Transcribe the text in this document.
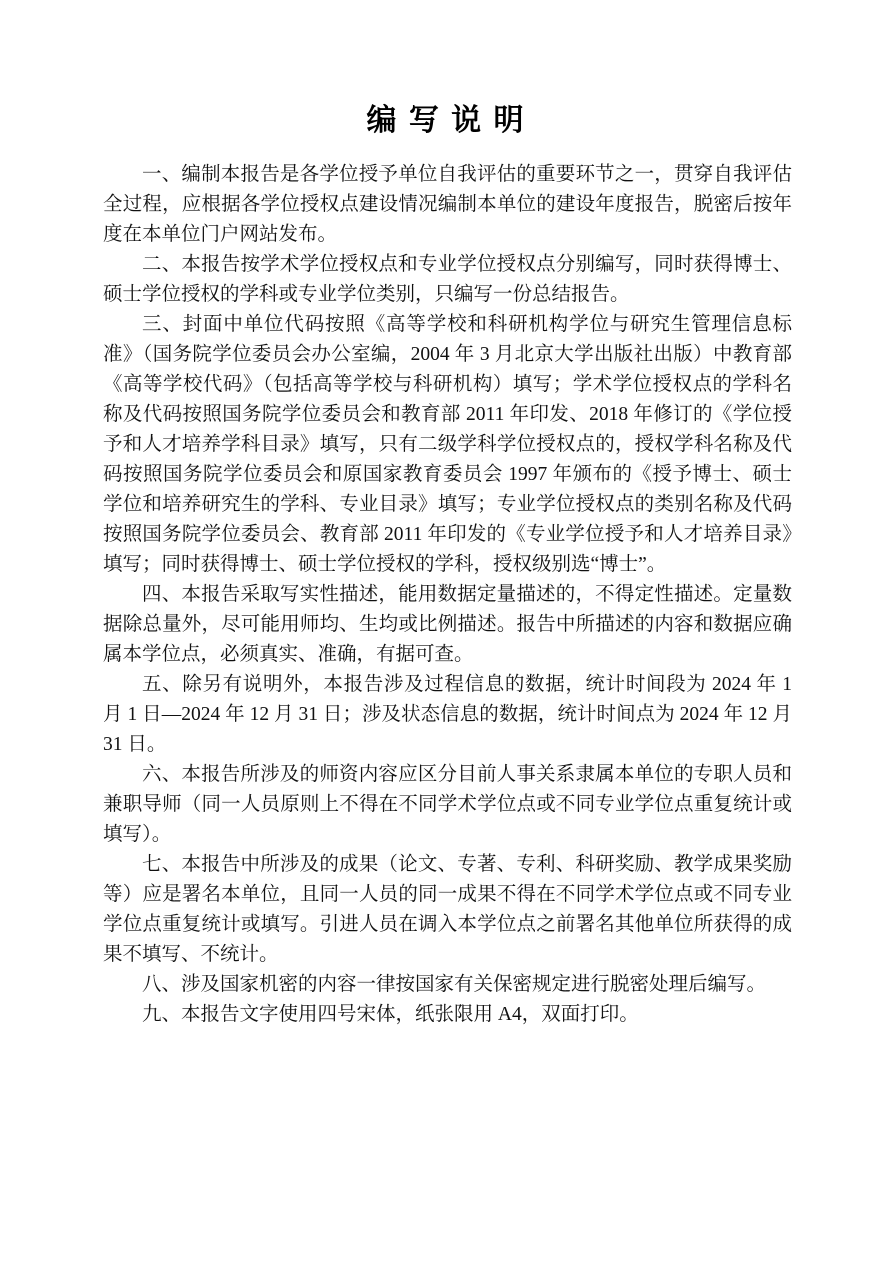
编 写 说 明

一、编制本报告是各学位授予单位自我评估的重要环节之一，贯穿自我评估全过程，应根据各学位授权点建设情况编制本单位的建设年度报告，脱密后按年度在本单位门户网站发布。

二、本报告按学术学位授权点和专业学位授权点分别编写，同时获得博士、硕士学位授权的学科或专业学位类别，只编写一份总结报告。

三、封面中单位代码按照《高等学校和科研机构学位与研究生管理信息标准》（国务院学位委员会办公室编，2004 年 3 月北京大学出版社出版）中教育部《高等学校代码》（包括高等学校与科研机构）填写；学术学位授权点的学科名称及代码按照国务院学位委员会和教育部 2011 年印发、2018 年修订的《学位授予和人才培养学科目录》填写，只有二级学科学位授权点的，授权学科名称及代码按照国务院学位委员会和原国家教育委员会 1997 年颁布的《授予博士、硕士学位和培养研究生的学科、专业目录》填写；专业学位授权点的类别名称及代码按照国务院学位委员会、教育部 2011 年印发的《专业学位授予和人才培养目录》填写；同时获得博士、硕士学位授权的学科，授权级别选“博士”。

四、本报告采取写实性描述，能用数据定量描述的，不得定性描述。定量数据除总量外，尽可能用师均、生均或比例描述。报告中所描述的内容和数据应确属本学位点，必须真实、准确，有据可查。

五、除另有说明外，本报告涉及过程信息的数据，统计时间段为 2024 年 1 月 1 日—2024 年 12 月 31 日；涉及状态信息的数据，统计时间点为 2024 年 12 月 31 日。

六、本报告所涉及的师资内容应区分目前人事关系隶属本单位的专职人员和兼职导师（同一人员原则上不得在不同学术学位点或不同专业学位点重复统计或填写）。

七、本报告中所涉及的成果（论文、专著、专利、科研奖励、教学成果奖励等）应是署名本单位，且同一人员的同一成果不得在不同学术学位点或不同专业学位点重复统计或填写。引进人员在调入本学位点之前署名其他单位所获得的成果不填写、不统计。

八、涉及国家机密的内容一律按国家有关保密规定进行脱密处理后编写。

九、本报告文字使用四号宋体，纸张限用 A4，双面打印。
